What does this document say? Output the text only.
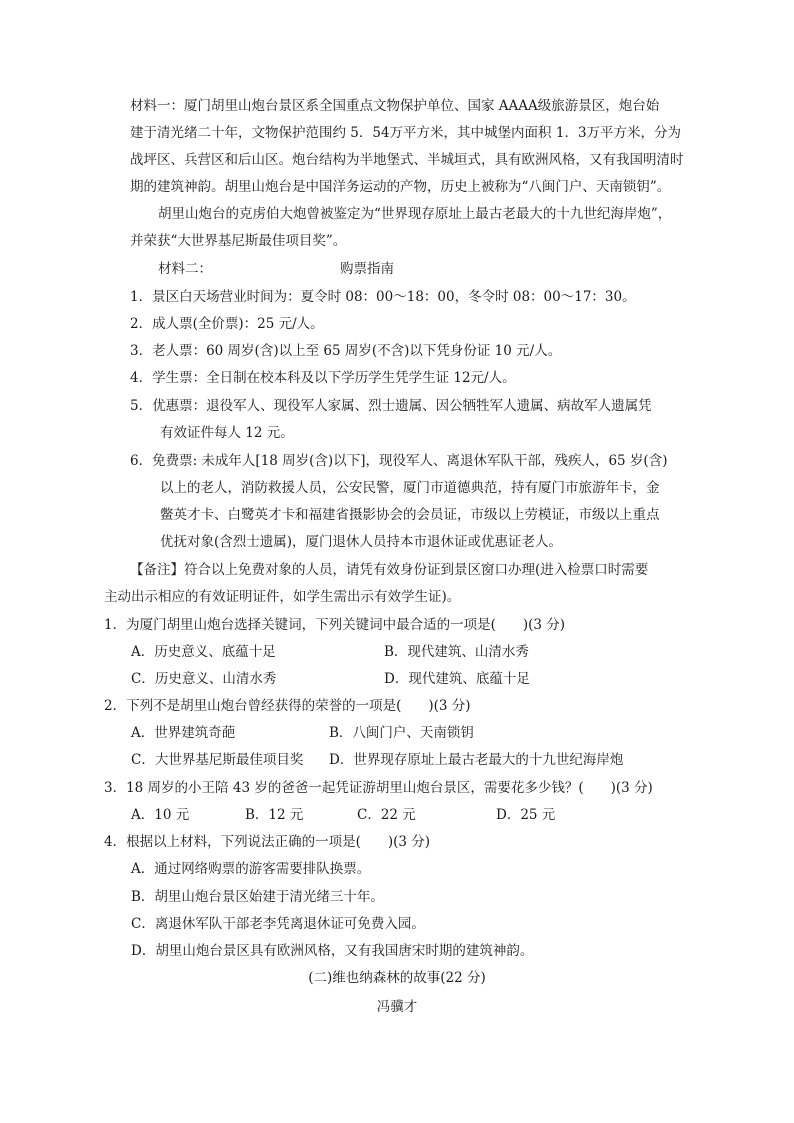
材料一：厦门胡里山炮台景区系全国重点文物保护单位、国家 AAAA级旅游景区，炮台始
建于清光绪二十年，文物保护范围约 5．54万平方米，其中城堡内面积 1．3万平方米，分为
战坪区、兵营区和后山区。炮台结构为半地堡式、半城垣式，具有欧洲风格，又有我国明清时
期的建筑神韵。胡里山炮台是中国洋务运动的产物，历史上被称为“八闽门户、天南锁钥”。
胡里山炮台的克虏伯大炮曾被鉴定为“世界现存原址上最古老最大的十九世纪海岸炮”，
并荣获“大世界基尼斯最佳项目奖”。
材料二：	购票指南
1．景区白天场营业时间为：夏令时 08：00～18：00，冬令时 08：00～17：30。
2．成人票(全价票)：25 元/人。
3．老人票：60 周岁(含)以上至 65 周岁(不含)以下凭身份证 10 元/人。
4．学生票：全日制在校本科及以下学历学生凭学生证 12元/人。
5．优惠票：退役军人、现役军人家属、烈士遗属、因公牺牲军人遗属、病故军人遗属凭
有效证件每人 12 元。
6．免费票: 未成年人[18 周岁(含)以下]，现役军人、离退休军队干部，残疾人，65 岁(含)
以上的老人，消防救援人员，公安民警，厦门市道德典范，持有厦门市旅游年卡，金
鳖英才卡、白鹭英才卡和福建省摄影协会的会员证，市级以上劳模证，市级以上重点
优抚对象(含烈士遗属)，厦门退休人员持本市退休证或优惠证老人。
【备注】符合以上免费对象的人员，请凭有效身份证到景区窗口办理(进入检票口时需要
主动出示相应的有效证明证件，如学生需出示有效学生证)。
1．为厦门胡里山炮台选择关键词，下列关键词中最合适的一项是(　　)(3 分)
A．历史意义、底蕴十足	B．现代建筑、山清水秀
C．历史意义、山清水秀	D．现代建筑、底蕴十足
2．下列不是胡里山炮台曾经获得的荣誉的一项是(　　)(3 分)
A．世界建筑奇葩	B．八闽门户、天南锁钥
C．大世界基尼斯最佳项目奖 D．世界现存原址上最古老最大的十九世纪海岸炮
3．18 周岁的小王陪 43 岁的爸爸一起凭证游胡里山炮台景区，需要花多少钱？(　　)(3 分)
A．10 元	B．12 元	C．22 元	D．25 元
4．根据以上材料，下列说法正确的一项是(　　)(3 分)
A．通过网络购票的游客需要排队换票。
B．胡里山炮台景区始建于清光绪三十年。
C．离退休军队干部老李凭离退休证可免费入园。
D．胡里山炮台景区具有欧洲风格，又有我国唐宋时期的建筑神韵。
(二)维也纳森林的故事(22 分)
冯骥才
